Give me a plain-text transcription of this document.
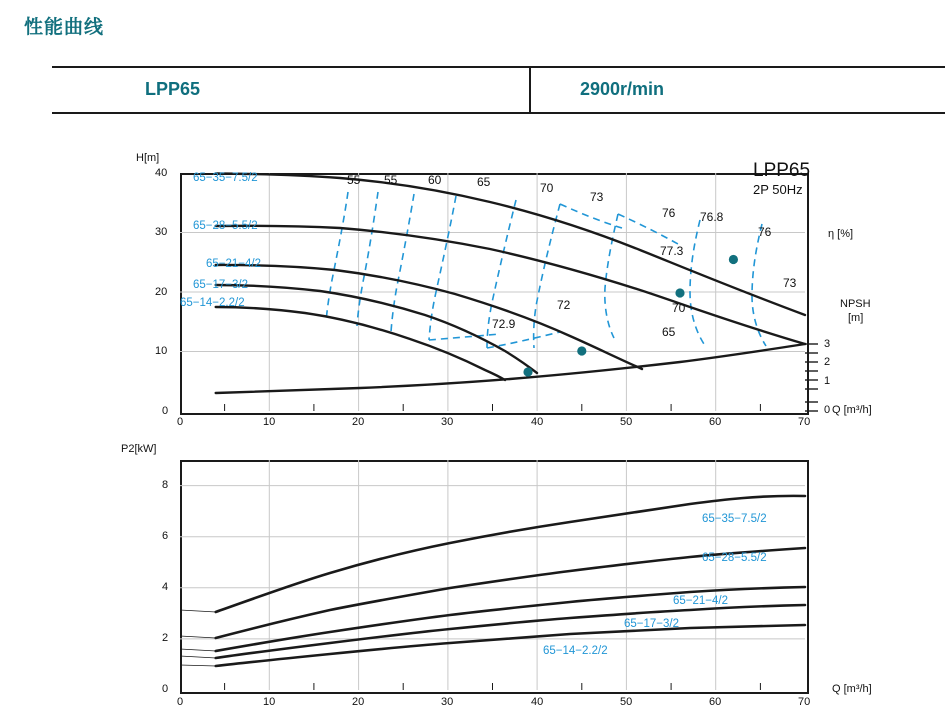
性能曲线
LPP65	2900r/min
H[m]
Q [m³/h]
η [%]
NPSH
[m]
40
30
20
10
0
0	10	20	30	40	50	60	70
3
2
1
0
65−35−7.5/2
65−28−5.5/2
65−21−4/2
65−17−3/2
65−14−2.2/2
55 55	60	65	70
73
76 76.8
76
73
77.3
70
65
72
72.9
LPP65
2P 50Hz
P2[kW]
Q [m³/h]
8
6
4
2
0
0	10	20	30	40	50	60	70
65−35−7.5/2
65−28−5.5/2
65−21−4/2
65−17−3/2
65−14−2.2/2
